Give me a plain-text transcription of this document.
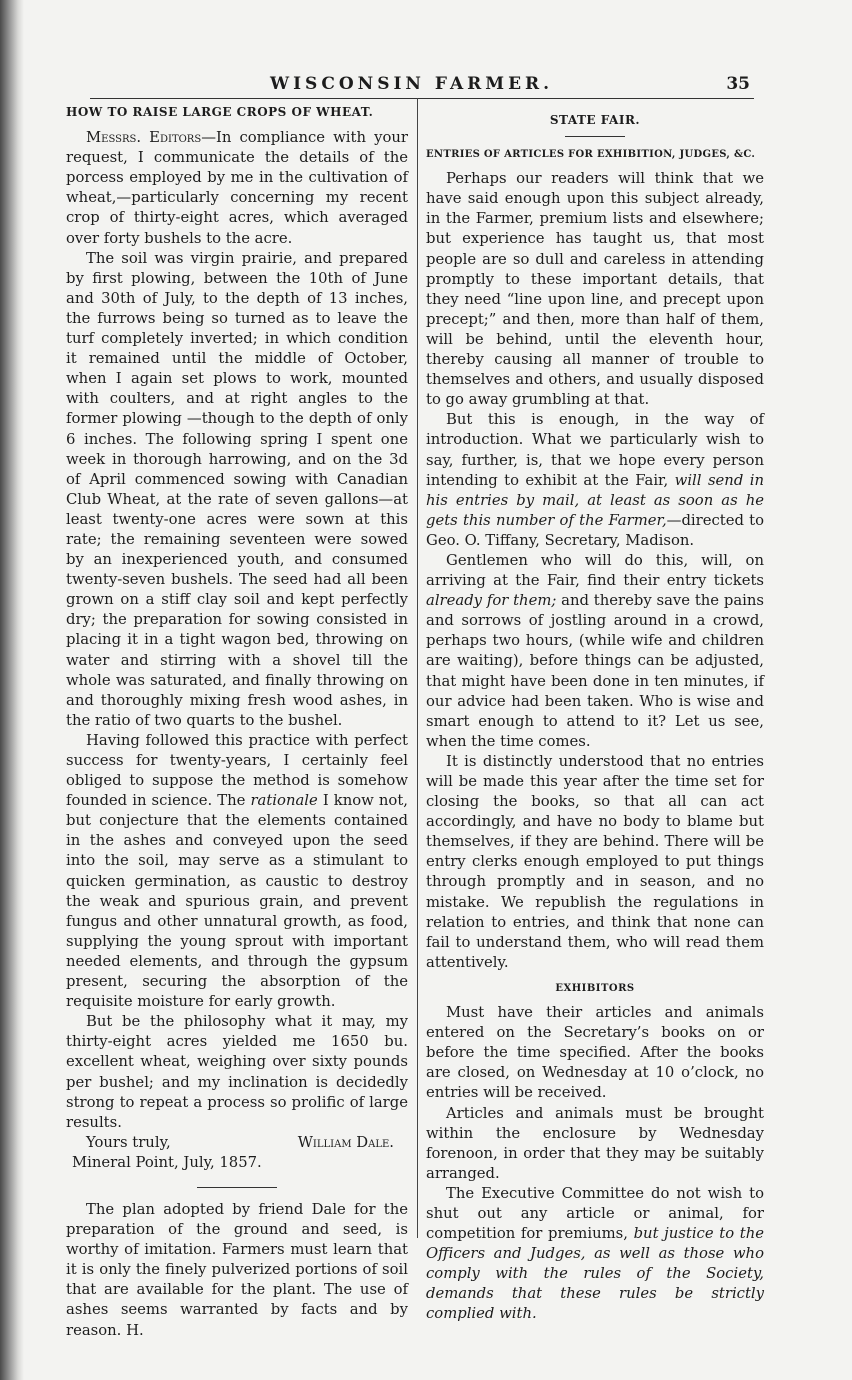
WISCONSIN FARMER.	35
HOW TO RAISE LARGE CROPS OF WHEAT.

Messrs. Editors—In compliance with your request, I communicate the details of the porcess employed by me in the cultivation of wheat,—particularly concerning my recent crop of thirty-eight acres, which averaged over forty bushels to the acre.

The soil was virgin prairie, and prepared by first plowing, between the 10th of June and 30th of July, to the depth of 13 inches, the furrows being so turned as to leave the turf completely inverted; in which condition it remained until the middle of October, when I again set plows to work, mounted with coulters, and at right angles to the former plowing —though to the depth of only 6 inches. The following spring I spent one week in thorough harrowing, and on the 3d of April commenced sowing with Canadian Club Wheat, at the rate of seven gallons—at least twenty-one acres were sown at this rate; the remaining seventeen were sowed by an inexperienced youth, and consumed twenty-seven bushels. The seed had all been grown on a stiff clay soil and kept perfectly dry; the preparation for sowing consisted in placing it in a tight wagon bed, throwing on water and stirring with a shovel till the whole was saturated, and finally throwing on and thoroughly mixing fresh wood ashes, in the ratio of two quarts to the bushel.

Having followed this practice with perfect success for twenty-years, I certainly feel obliged to suppose the method is somehow founded in science. The rationale I know not, but conjecture that the elements contained in the ashes and conveyed upon the seed into the soil, may serve as a stimulant to quicken germination, as caustic to destroy the weak and spurious grain, and prevent fungus and other unnatural growth, as food, supplying the young sprout with important needed elements, and through the gypsum present, securing the absorption of the requisite moisture for early growth.

But be the philosophy what it may, my thirty-eight acres yielded me 1650 bu. excellent wheat, weighing over sixty pounds per bushel; and my inclination is decidedly strong to repeat a process so prolific of large results.

Yours truly,	William Dale.

Mineral Point, July, 1857.

The plan adopted by friend Dale for the preparation of the ground and seed, is worthy of imitation. Farmers must learn that it is only the finely pulverized portions of soil that are available for the plant. The use of ashes seems warranted by facts and by reason. H.

STATE FAIR.
ENTRIES OF ARTICLES FOR EXHIBITION, JUDGES, &C.

Perhaps our readers will think that we have said enough upon this subject already, in the Farmer, premium lists and elsewhere; but experience has taught us, that most people are so dull and careless in attending promptly to these important details, that they need “line upon line, and precept upon precept;” and then, more than half of them, will be behind, until the eleventh hour, thereby causing all manner of trouble to themselves and others, and usually disposed to go away grumbling at that.

But this is enough, in the way of introduction. What we particularly wish to say, further, is, that we hope every person intending to exhibit at the Fair, will send in his entries by mail, at least as soon as he gets this number of the Farmer,—directed to Geo. O. Tiffany, Secretary, Madison.

Gentlemen who will do this, will, on arriving at the Fair, find their entry tickets already for them; and thereby save the pains and sorrows of jostling around in a crowd, perhaps two hours, (while wife and children are waiting), before things can be adjusted, that might have been done in ten minutes, if our advice had been taken. Who is wise and smart enough to attend to it? Let us see, when the time comes.

It is distinctly understood that no entries will be made this year after the time set for closing the books, so that all can act accordingly, and have no body to blame but themselves, if they are behind. There will be entry clerks enough employed to put things through promptly and in season, and no mistake. We republish the regulations in relation to entries, and think that none can fail to understand them, who will read them attentively.

EXHIBITORS

Must have their articles and animals entered on the Secretary’s books on or before the time specified. After the books are closed, on Wednesday at 10 o’clock, no entries will be received.

Articles and animals must be brought within the enclosure by Wednesday forenoon, in order that they may be suitably arranged.

The Executive Committee do not wish to shut out any article or animal, for competition for premiums, but justice to the Officers and Judges, as well as those who comply with the rules of the Society, demands that these rules be strictly complied with.
